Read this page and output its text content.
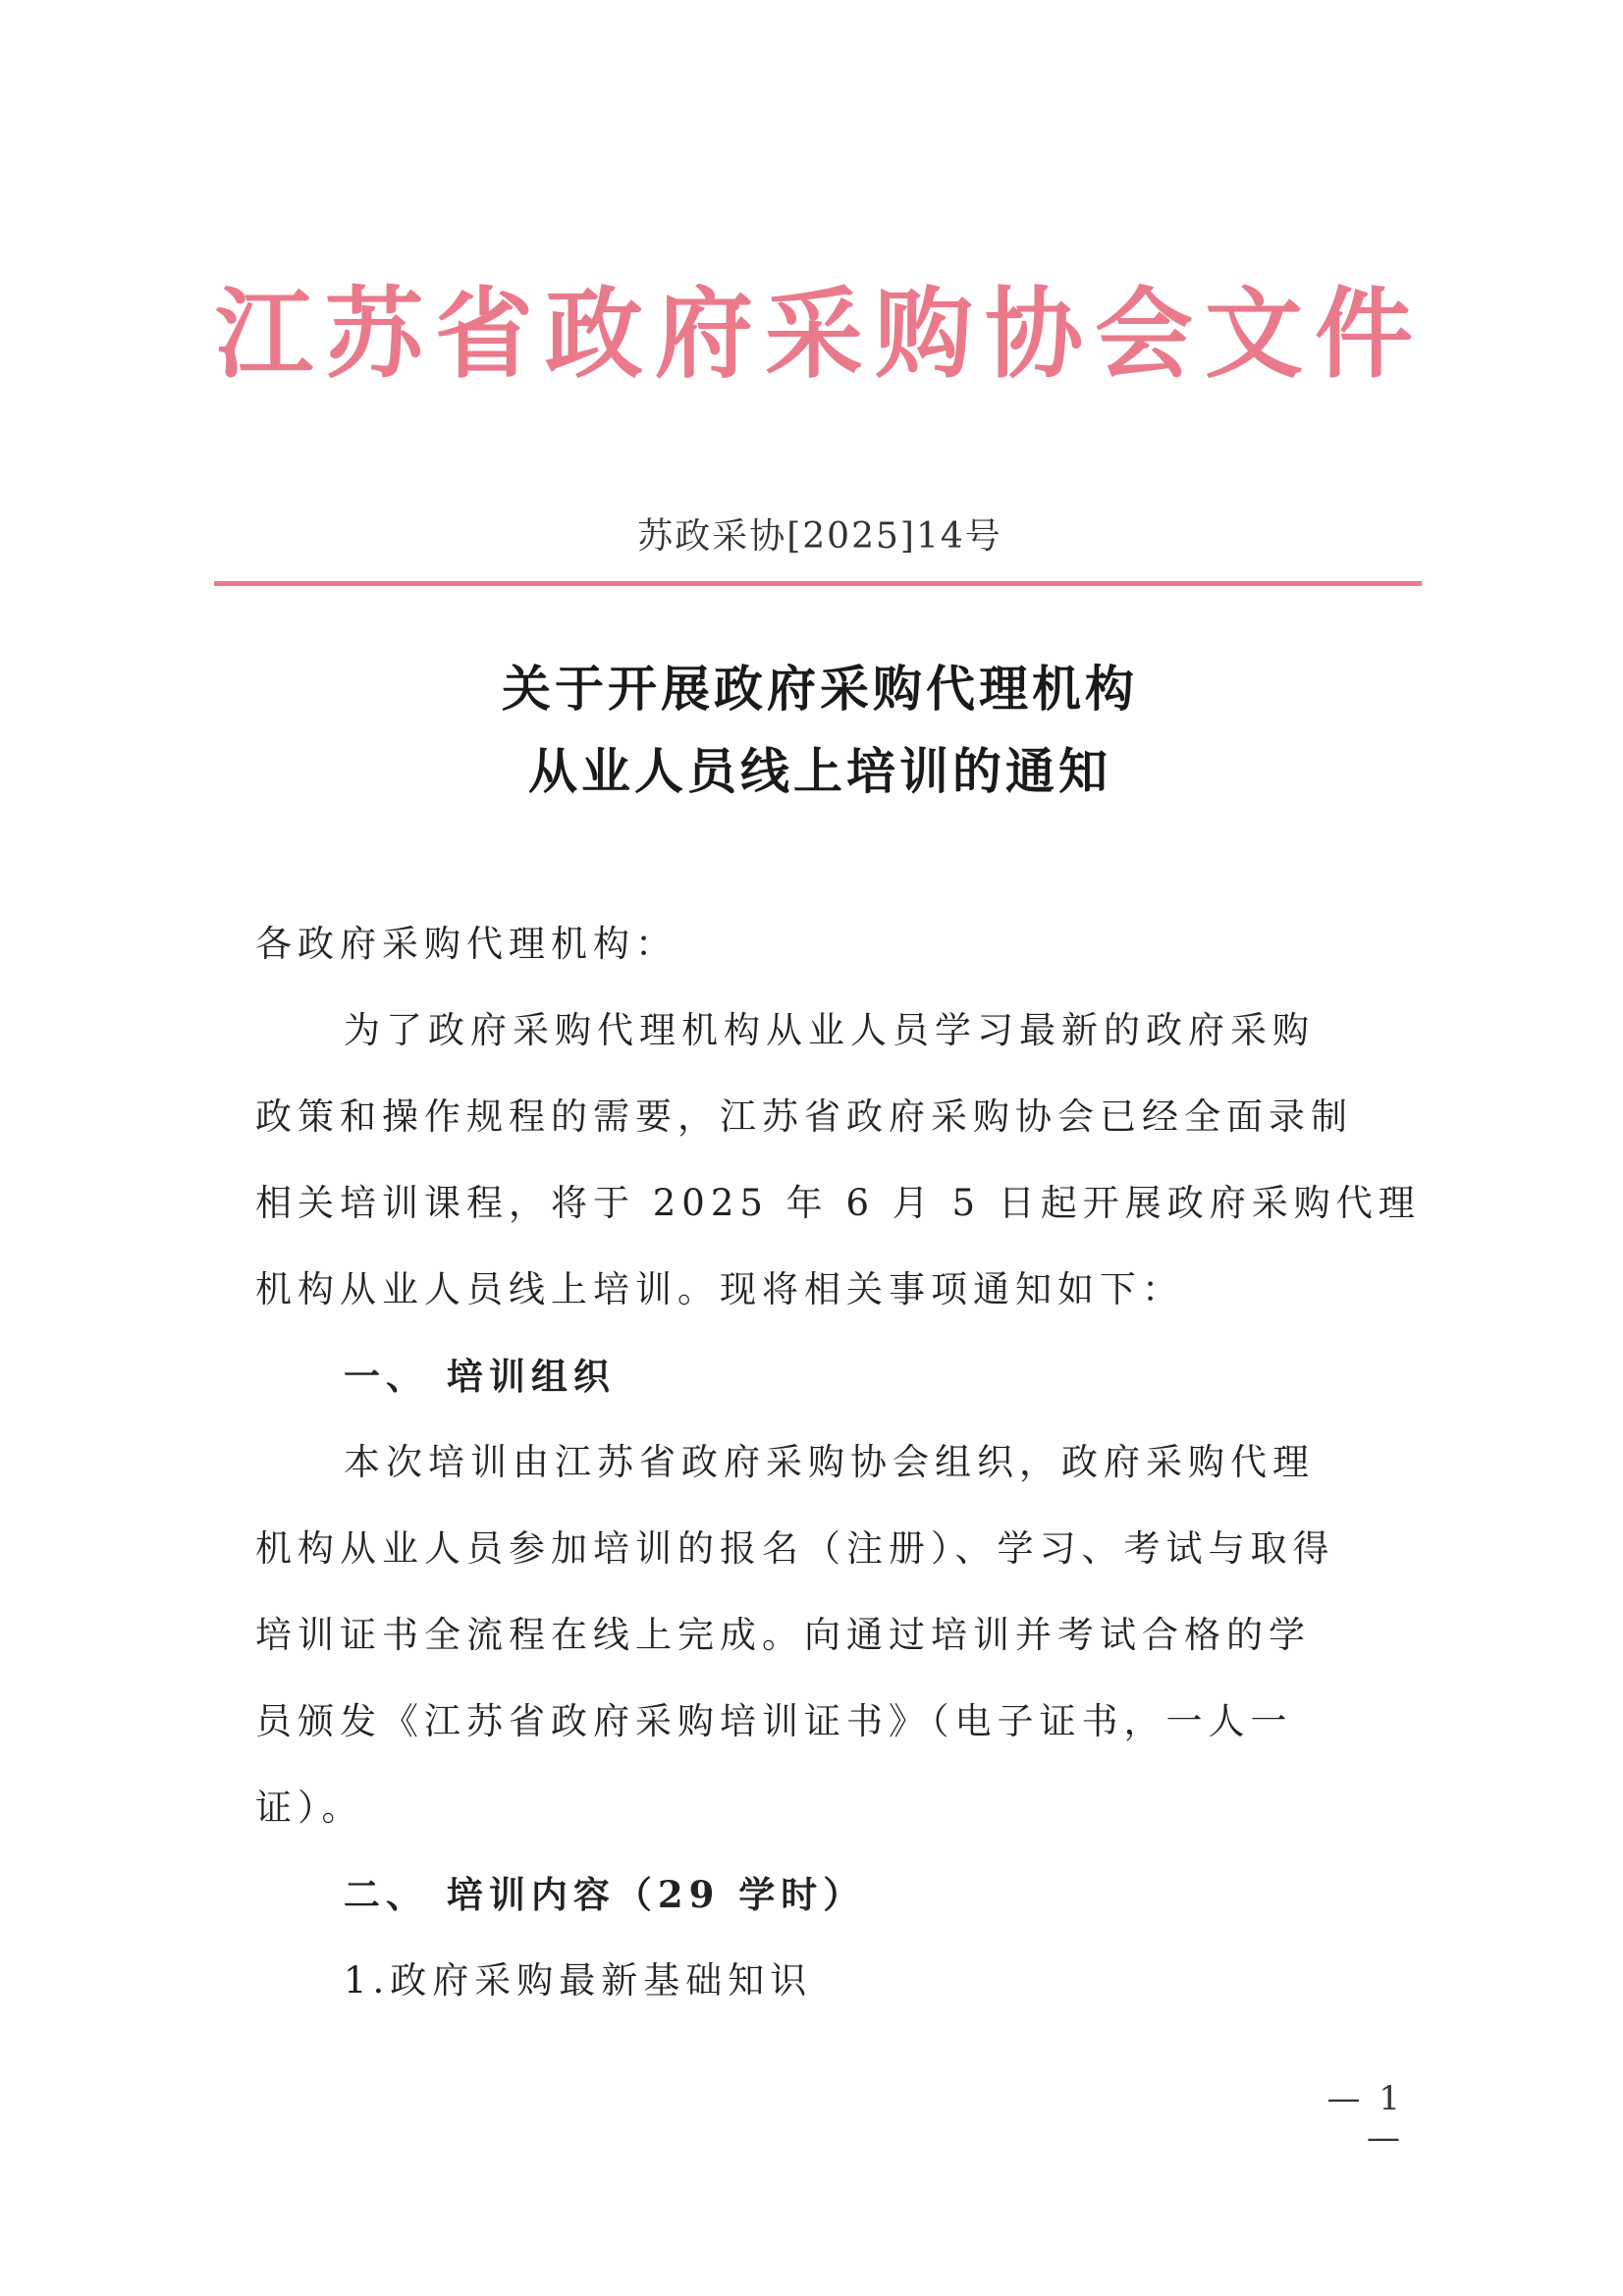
江苏省政府采购协会文件
苏政采协[2025]14号
关于开展政府采购代理机构
从业人员线上培训的通知
各政府采购代理机构：
为了政府采购代理机构从业人员学习最新的政府采购
政策和操作规程的需要，江苏省政府采购协会已经全面录制
相关培训课程，将于 2025 年 6 月 5 日起开展政府采购代理
机构从业人员线上培训。现将相关事项通知如下：
一、 培训组织
本次培训由江苏省政府采购协会组织，政府采购代理
机构从业人员参加培训的报名（注册）、学习、考试与取得
培训证书全流程在线上完成。向通过培训并考试合格的学
员颁发《江苏省政府采购培训证书》（电子证书，一人一
证）。
二、 培训内容（29 学时）
1.政府采购最新基础知识
— 1 —
